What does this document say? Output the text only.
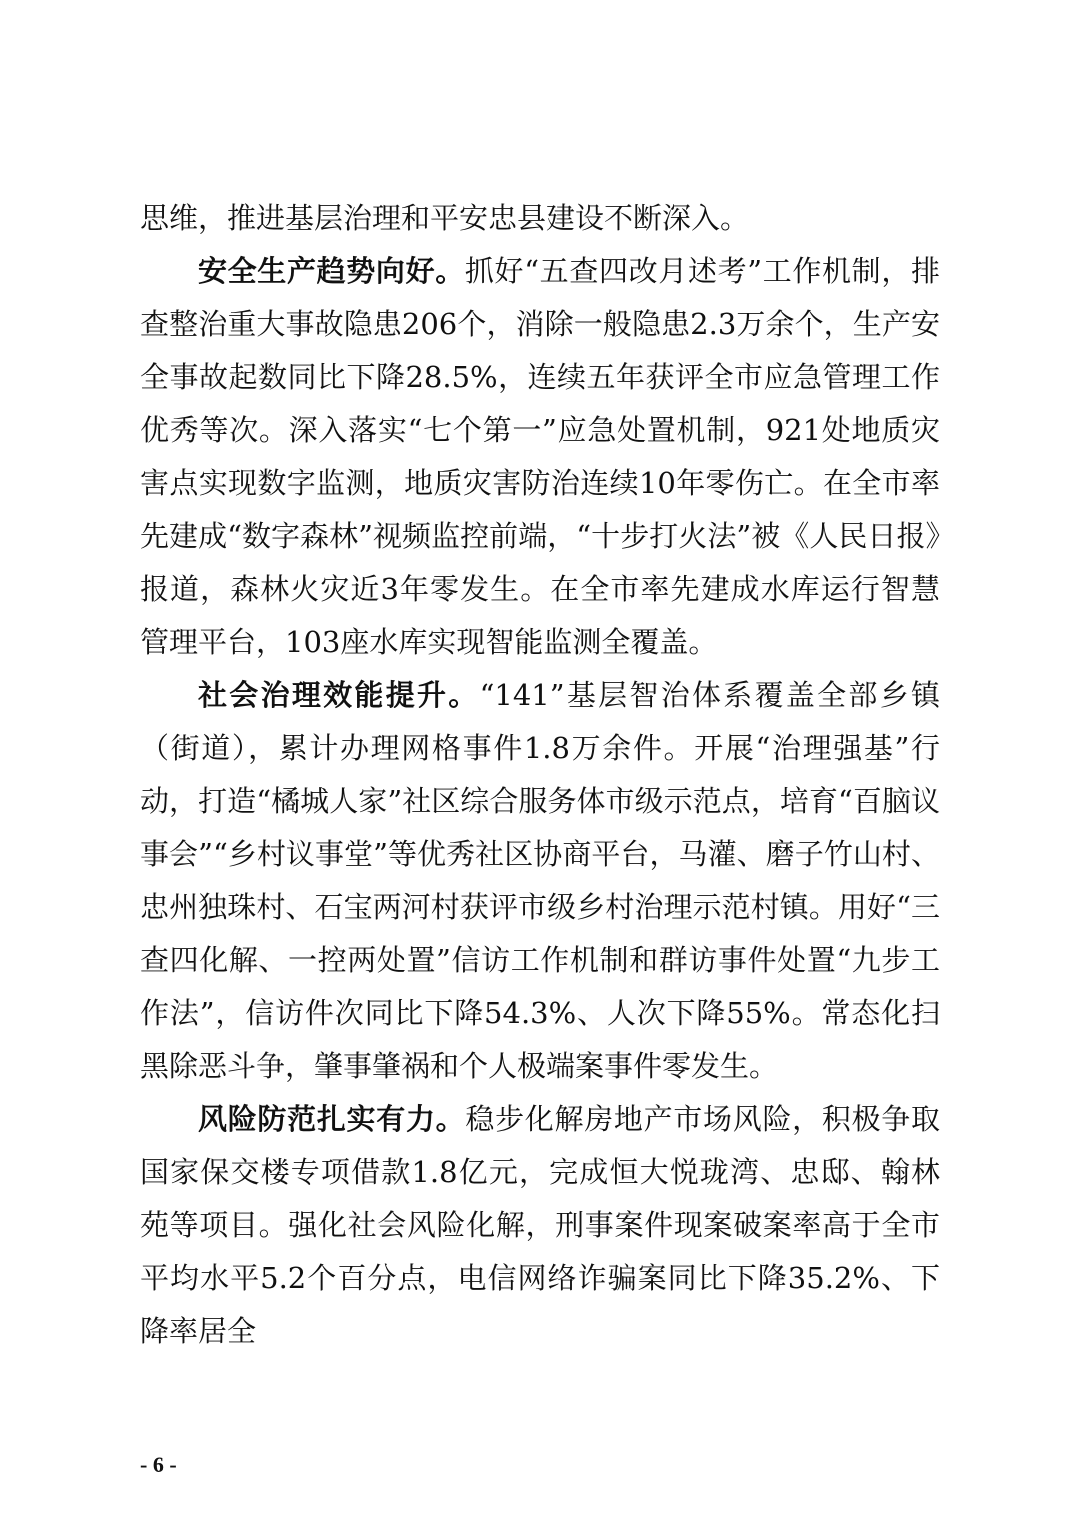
思维，推进基层治理和平安忠县建设不断深入。

安全生产趋势向好。抓好“五查四改月述考”工作机制，排查整治重大事故隐患206个，消除一般隐患2.3万余个，生产安全事故起数同比下降28.5%，连续五年获评全市应急管理工作优秀等次。深入落实“七个第一”应急处置机制，921处地质灾害点实现数字监测，地质灾害防治连续10年零伤亡。在全市率先建成“数字森林”视频监控前端，“十步打火法”被《人民日报》报道，森林火灾近3年零发生。在全市率先建成水库运行智慧管理平台，103座水库实现智能监测全覆盖。

社会治理效能提升。“141”基层智治体系覆盖全部乡镇（街道），累计办理网格事件1.8万余件。开展“治理强基”行动，打造“橘城人家”社区综合服务体市级示范点，培育“百脑议事会”“乡村议事堂”等优秀社区协商平台，马灌、磨子竹山村、忠州独珠村、石宝两河村获评市级乡村治理示范村镇。用好“三查四化解、一控两处置”信访工作机制和群访事件处置“九步工作法”，信访件次同比下降54.3%、人次下降55%。常态化扫黑除恶斗争，肇事肇祸和个人极端案事件零发生。

风险防范扎实有力。稳步化解房地产市场风险，积极争取国家保交楼专项借款1.8亿元，完成恒大悦珑湾、忠邸、翰林苑等项目。强化社会风险化解，刑事案件现案破案率高于全市平均水平5.2个百分点，电信网络诈骗案同比下降35.2%、下降率居全

- 6 -
